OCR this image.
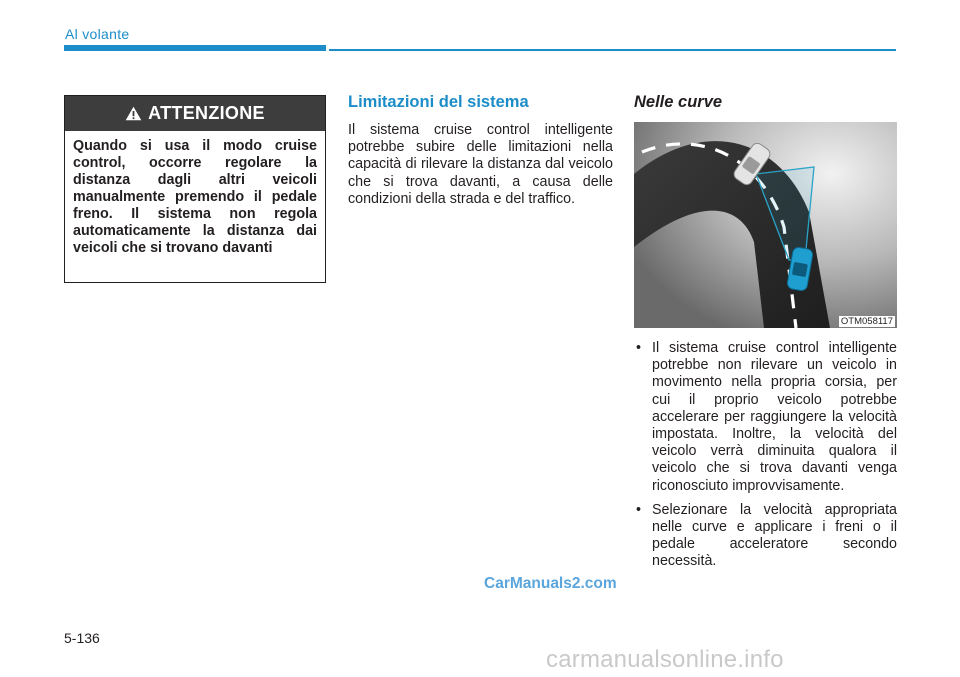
Al volante
ATTENZIONE
Quando si usa il modo cruise control, occorre regolare la distanza dagli altri veicoli manualmente premendo il pedale freno. Il sistema non regola automaticamente la distanza dai veicoli che si trovano davanti
Limitazioni del sistema
Il sistema cruise control intelligente potrebbe subire delle limitazioni nella capacità di rilevare la distanza dal veicolo che si trova davanti, a causa delle condizioni della strada e del traffico.
Nelle curve
OTM058117
• Il sistema cruise control intelligente potrebbe non rilevare un veicolo in movimento nella propria corsia, per cui il proprio veicolo potrebbe accelerare per raggiungere la velocità impostata. Inoltre, la velocità del veicolo verrà diminuita qualora il veicolo che si trova davanti venga riconosciuto improvvisamente.
• Selezionare la velocità appropriata nelle curve e applicare i freni o il pedale acceleratore secondo necessità.
CarManuals2.com
5-136
carmanualsonline.info
